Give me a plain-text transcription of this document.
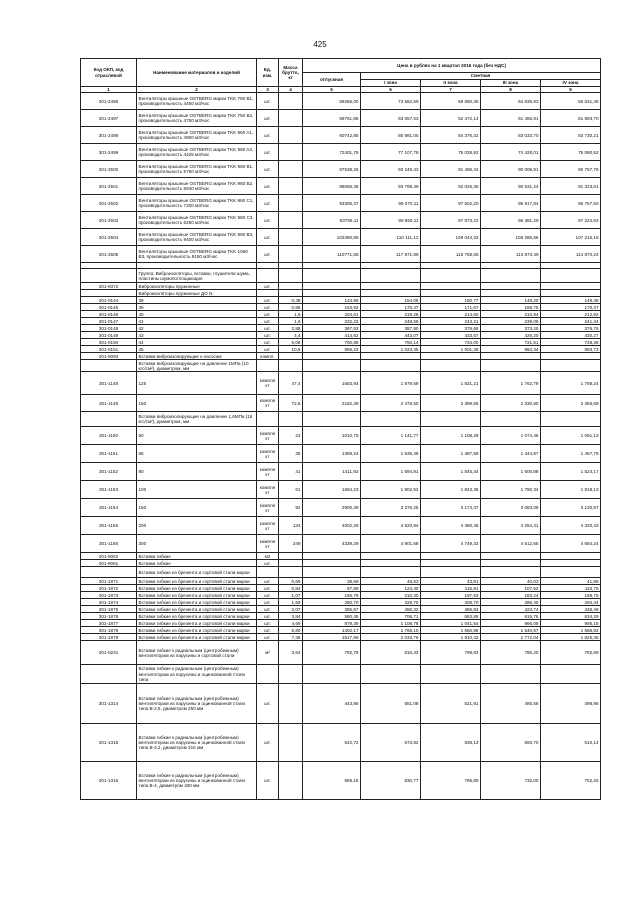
425
Код ОКП, код отраслевой	Наименование материалов и изделий	Ед. изм.	Масса брутто, кг	Цена в рублях на 1 квартал 2016 года (без НДС)				
				отпускная	Сметная			
					I зона	II зона	III зона	IV зона
1	2	3	4	5	6	7	8	9
301-2496	Вентиляторы крышные OSTBERG марки TKK 750 B1, производительность 4450 м3/час	шт.		59265,00	73 582,59	69 680,35	64 835,93	66 631,48
301-2497	Вентиляторы крышные OSTBERG марки TKK 750 B2, производительность 4750 м3/час	шт.		59761,86	63 057,63	52 472,14	61 455,81	61 993,70
301-2498	Вентиляторы крышные OSTBERG марки TKK 960 A1, производительность 4900 м3/час	шт.		60742,85	85 991,05	84 376,32	83 033,70	83 730,21
301-2499	Вентиляторы крышные OSTBERG марки TKK 960 A3, производительность 4425 м3/час	шт.		72401,75	77 107,78	75 038,92	74 428,01	75 080,52
301-2500	Вентиляторы крышные OSTBERG марки TKK 960 B1, производительность 5760 м3/час	шт.		87538,26	93 249,43	91 496,42	90 009,91	90 797,79
301-2501	Вентиляторы крышные OSTBERG марки TKK 960 B2, производительность 5940 м3/час	шт.		88065,36	93 789,49	92 026,36	90 531,24	91 323,61
301-2502	Вентиляторы крышные OSTBERG марки TKK 960 C1, производительность 7200 м3/час	шт.		93305,37	99 370,11	97 502,20	95 917,84	96 757,50
301-2503	Вентиляторы крышные OSTBERG марки TKK 960 C3, производительность 6250 м3/час	шт.		93756,11	99 850,11	97 973,22	96 381,29	97 224,93
301-2504	Вентиляторы крышные OSTBERG марки TKK 960 B3, производительность 9400 м3/час	шт.		103390,85	110 111,12	108 043,33	106 285,66	107 215,16
301-2505	Вентиляторы крышные OSTBERG марки TKK 1060 B3, производительность 9150 м3/час	шт.		110771,85	117 971,88	115 758,56	113 873,49	114 870,24

	Группа: Виброизоляторы, вставки, глушители шума, пластины шумопоглощающие							
301-9372	Виброизоляторы пружинные	шт.						
	Виброизоляторы пружинные ДО N:							
301-0144	38	шт.	0,48	143,96	154,05	150,77	148,20	149,38
301-0145	39	шт.	0,86	163,93	175,47	171,67	168,75	170,37
301-0146	40	шт.	1,6	204,61	219,28	214,60	210,94	212,92
301-0147	41	шт.	1,6	232,23	248,56	243,21	239,06	241,34
301-0148	42	шт.	2,88	367,53	387,90	379,66	373,20	376,76
301-0149	43	шт.	4,4	414,62	443,07	433,57	426,20	430,27
301-0150	44	шт.	6,08	700,89	750,14	734,00	721,51	728,38
301-0151	45	шт.	10,6	956,23	1 023,35	1 001,38	984,34	993,73
301-9093	Вставки виброизолирующие к насосам	компл.						
	Вставки виброизолирующие на давление 1МПа (10 кгс/см²), диаметром, мм							
301-1148	125	компле кт	47,4	1683,94	1 879,59	1 821,21	1 762,79	1 798,24
301-1149	150	компле кт	72,8	2182,39	2 478,50	2 399,55	2 330,80	2 366,69
	Вставки виброизолирующие на давление 1,6МПа (16 кгс/см²), диаметром, мм							
301-1150	50	компле кт	23	1010,75	1 141,77	1 108,29	1 074,46	1 091,13
301-1151	65	компле кт	35	1359,24	1 535,39	1 487,59	1 444,87	1 467,78
301-1152	80	компле кт	41	1411,92	1 594,91	1 545,34	1 500,88	1 524,17
301-1153	100	компле кт	61	1684,23	1 902,52	1 843,38	1 790,34	1 818,13
301-1154	150	компле кт	92	2900,39	3 276,25	3 174,47	3 083,09	3 130,97
301-1155	200	компле кт	134	4002,28	4 520,94	4 380,46	4 254,41	4 320,43
301-1156	300	компле кт	249	4339,29	4 901,68	4 749,33	4 612,65	4 684,24
301-9062	Вставки гибкие	м2						
301-9061	Вставки гибкие	шт.						
	Вставки гибкие из брезента и сортовой стали марки							
301-1871	Вставки гибкие из брезента и сортовой стали марки	шт.	0,66	38,68	46,53	43,81	40,03	41,85
301-1872	Вставки гибкие из брезента и сортовой стали марки	шт.	0,84	97,88	123,40	115,91	107,52	110,75
301-1873	Вставки гибкие из брезента и сортовой стали марки	шт.	1,07	166,78	210,30	197,53	183,24	188,75
301-1874	Вставки гибкие из брезента и сортовой стали марки	шт.	1,59	260,70	328,70	308,70	286,40	294,44
301-1875	Вставки гибкие из брезента и сортовой стали марки	шт.	2,07	385,67	486,32	456,83	423,74	436,49
301-1876	Вставки гибкие из брезента и сортовой стали марки	шт.	3,84	560,45	706,71	663,85	615,76	634,29
301-1877	Вставки гибкие из брезента и сортовой стали марки	шт.	4,69	879,30	1 108,78	1 041,54	966,09	995,16
301-1878	Вставки гибкие из брезента и сортовой стали марки	шт.	5,80	1402,17	1 768,10	1 660,88	1 540,57	1 586,92
301-1879	Вставки гибкие из брезента и сортовой стали марки	шт.	7,38	1617,86	2 033,76	1 910,43	1 772,04	1 825,35
301-0231	Вставки гибкие к радиальным (центробежным) вентиляторам из парусины и сортовой стали	м²	3,64	792,78	816,33	798,83	785,20	792,69
	Вставки гибкие к радиальным (центробежным) вентиляторам из парусины и оцинкованной стали типа							
301-1314	Вставки гибкие к радиальным (центробежным) вентиляторам из парусины и оцинкованной стали типа В-2,5, диаметром 250 мм	шт.		443,86	551,08	521,91	485,56	498,96
301-1315	Вставки гибкие к радиальным (центробежным) вентиляторам из парусины и оцинкованной стали типа В-3,2, диаметром 315 мм	шт.		542,72	673,82	638,13	593,70	610,14
301-1316	Вставки гибкие к радиальным (центробежным) вентиляторам из парусины и оцинкованной стали типа В-4, диаметром 400 мм	шт.		669,16	830,77	786,80	732,00	752,25
